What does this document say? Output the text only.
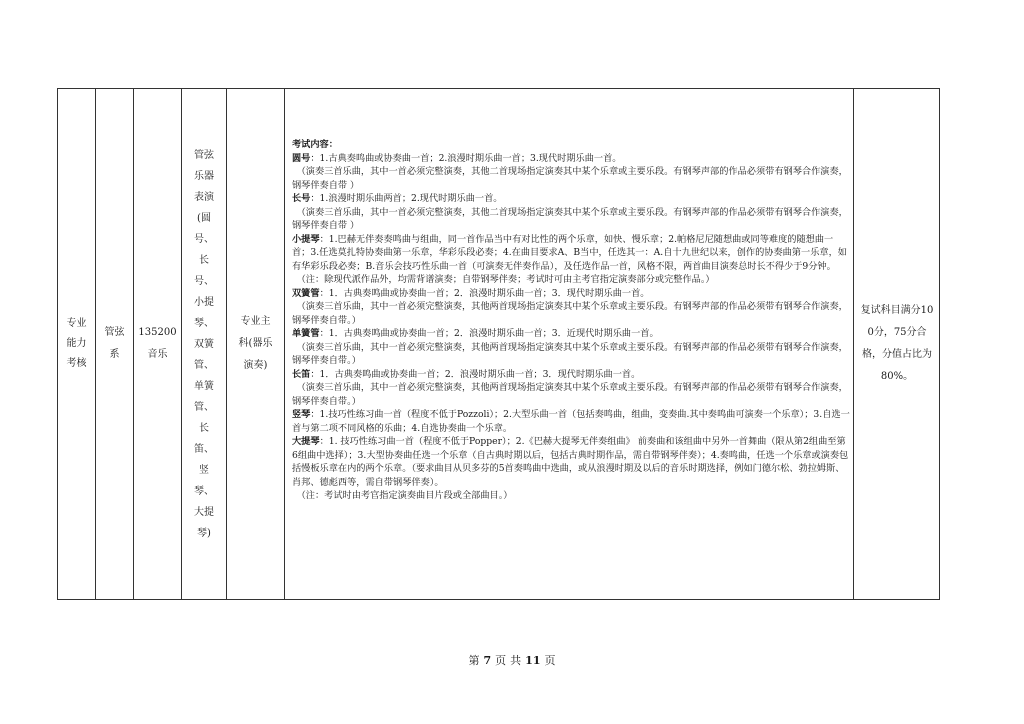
专业能力考核
管弦系
135200音乐
管弦乐器表演(圆号、长号、小提琴、双簧管、单簧管、长笛、竖琴、大提琴)
专业主科(器乐演奏)

考试内容：

圆号：1.古典奏鸣曲或协奏曲一首；2.浪漫时期乐曲一首；3.现代时期乐曲一首。

（演奏三首乐曲，其中一首必须完整演奏，其他二首现场指定演奏其中某个乐章或主要乐段。有钢琴声部的作品必须带有钢琴合作演奏，钢琴伴奏自带 ）

长号：1.浪漫时期乐曲两首；2.现代时期乐曲一首。

（演奏三首乐曲，其中一首必须完整演奏，其他二首现场指定演奏其中某个乐章或主要乐段。有钢琴声部的作品必须带有钢琴合作演奏，钢琴伴奏自带 ）

小提琴：1.巴赫无伴奏奏鸣曲与组曲，同一首作品当中有对比性的两个乐章，如快、慢乐章；2.帕格尼尼随想曲或同等难度的随想曲一首；3.任选莫扎特协奏曲第一乐章，华彩乐段必奏；4.在曲目要求A、B当中，任选其一：A.自十九世纪以来，创作的协奏曲第一乐章，如有华彩乐段必奏；B.音乐会技巧性乐曲一首（可演奏无伴奏作品），及任选作品一首，风格不限，两首曲目演奏总时长不得少于9分钟。

（注：除现代派作品外，均需背谱演奏；自带钢琴伴奏；考试时可由主考官指定演奏部分或完整作品。）

双簧管：1．古典奏鸣曲或协奏曲一首；2．浪漫时期乐曲一首；3．现代时期乐曲一首。

（演奏三首乐曲，其中一首必须完整演奏，其他两首现场指定演奏其中某个乐章或主要乐段。有钢琴声部的作品必须带有钢琴合作演奏，钢琴伴奏自带。）

单簧管：1．古典奏鸣曲或协奏曲一首；2．浪漫时期乐曲一首；3．近现代时期乐曲一首。

（演奏三首乐曲，其中一首必须完整演奏，其他两首现场指定演奏其中某个乐章或主要乐段。有钢琴声部的作品必须带有钢琴合作演奏，钢琴伴奏自带。）

长笛：1．古典奏鸣曲或协奏曲一首；2．浪漫时期乐曲一首；3．现代时期乐曲一首。

（演奏三首乐曲，其中一首必须完整演奏，其他两首现场指定演奏其中某个乐章或主要乐段。有钢琴声部的作品必须带有钢琴合作演奏，钢琴伴奏自带。）

竖琴：1.技巧性练习曲一首（程度不低于Pozzoli）；2.大型乐曲一首（包括奏鸣曲，组曲，变奏曲.其中奏鸣曲可演奏一个乐章）；3.自选一首与第二项不同风格的乐曲；4.自选协奏曲一个乐章。

大提琴：1. 技巧性练习曲一首（程度不低于Popper）；2.《巴赫大提琴无伴奏组曲》 前奏曲和该组曲中另外一首舞曲（限从第2组曲至第6组曲中选择）；3.大型协奏曲任选一个乐章（自古典时期以后，包括古典时期作品，需自带钢琴伴奏）；4.奏鸣曲，任选一个乐章或演奏包括慢板乐章在内的两个乐章。（要求曲目从贝多芬的5首奏鸣曲中选曲，或从浪漫时期及以后的音乐时期选择，例如门德尔松、勃拉姆斯、肖邦、德彪西等，需自带钢琴伴奏）。

（注：考试时由考官指定演奏曲目片段或全部曲目。）

复试科目满分100分，75分合格，分值占比为80%。
第 7 页 共 11 页
